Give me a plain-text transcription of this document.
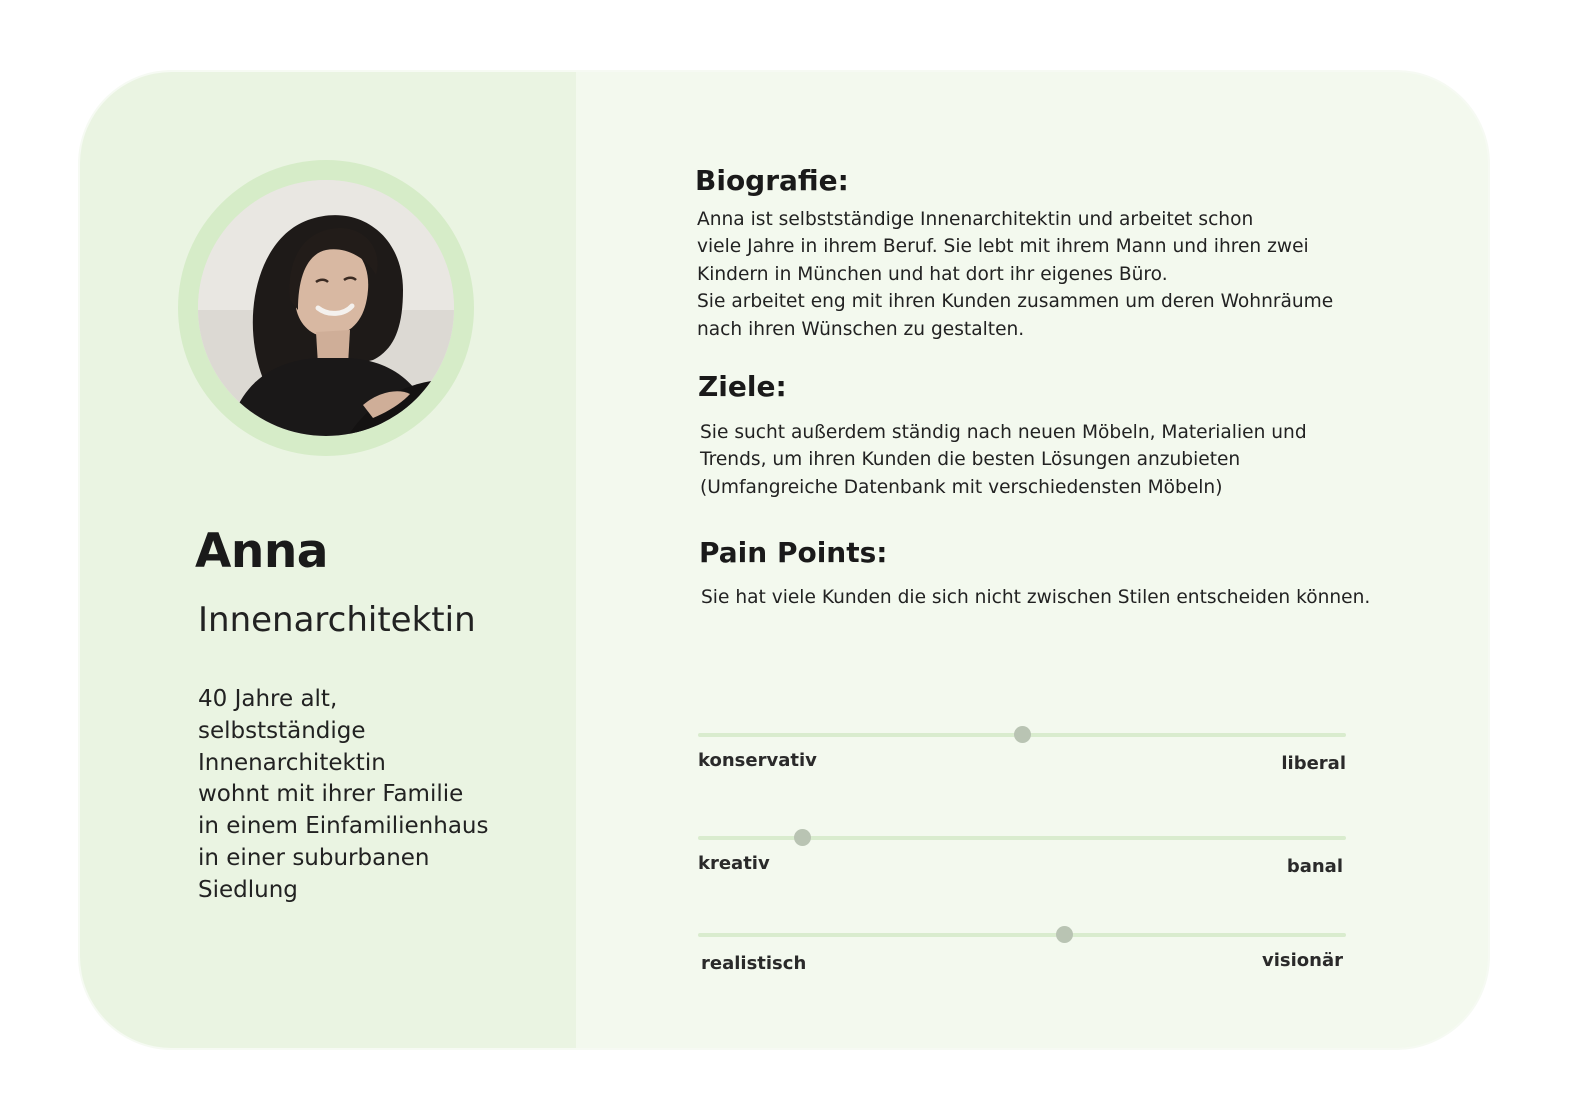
Anna
Innenarchitektin
40 Jahre alt,
selbstständige
Innenarchitektin
wohnt mit ihrer Familie
in einem Einfamilienhaus
in einer suburbanen
Siedlung
Biografie:
Anna ist selbstständige Innenarchitektin und arbeitet schon
viele Jahre in ihrem Beruf. Sie lebt mit ihrem Mann und ihren zwei
Kindern in München und hat dort ihr eigenes Büro.
Sie arbeitet eng mit ihren Kunden zusammen um deren Wohnräume
nach ihren Wünschen zu gestalten.
Ziele:
Sie sucht außerdem ständig nach neuen Möbeln, Materialien und
Trends, um ihren Kunden die besten Lösungen anzubieten
(Umfangreiche Datenbank mit verschiedensten Möbeln)
Pain Points:
Sie hat viele Kunden die sich nicht zwischen Stilen entscheiden können.
konservativ	liberal
kreativ	banal
realistisch	visionär
